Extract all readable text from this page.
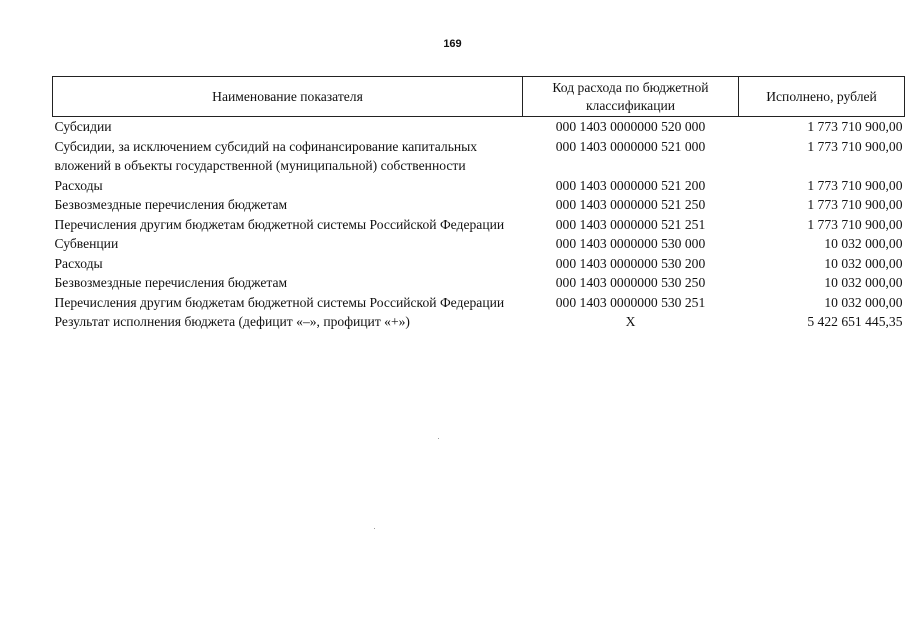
169
Наименование показателя	Код расхода по бюджетной классификации	Исполнено, рублей
Субсидии	000 1403 0000000 520 000	1 773 710 900,00
Субсидии, за исключением субсидий на софинансирование капитальных вложений в объекты государственной (муниципальной) собственности	000 1403 0000000 521 000	1 773 710 900,00
Расходы	000 1403 0000000 521 200	1 773 710 900,00
Безвозмездные перечисления бюджетам	000 1403 0000000 521 250	1 773 710 900,00
Перечисления другим бюджетам бюджетной системы Российской Федерации	000 1403 0000000 521 251	1 773 710 900,00
Субвенции	000 1403 0000000 530 000	10 032 000,00
Расходы	000 1403 0000000 530 200	10 032 000,00
Безвозмездные перечисления бюджетам	000 1403 0000000 530 250	10 032 000,00
Перечисления другим бюджетам бюджетной системы Российской Федерации	000 1403 0000000 530 251	10 032 000,00
Результат исполнения бюджета (дефицит «–», профицит «+»)	X	5 422 651 445,35
